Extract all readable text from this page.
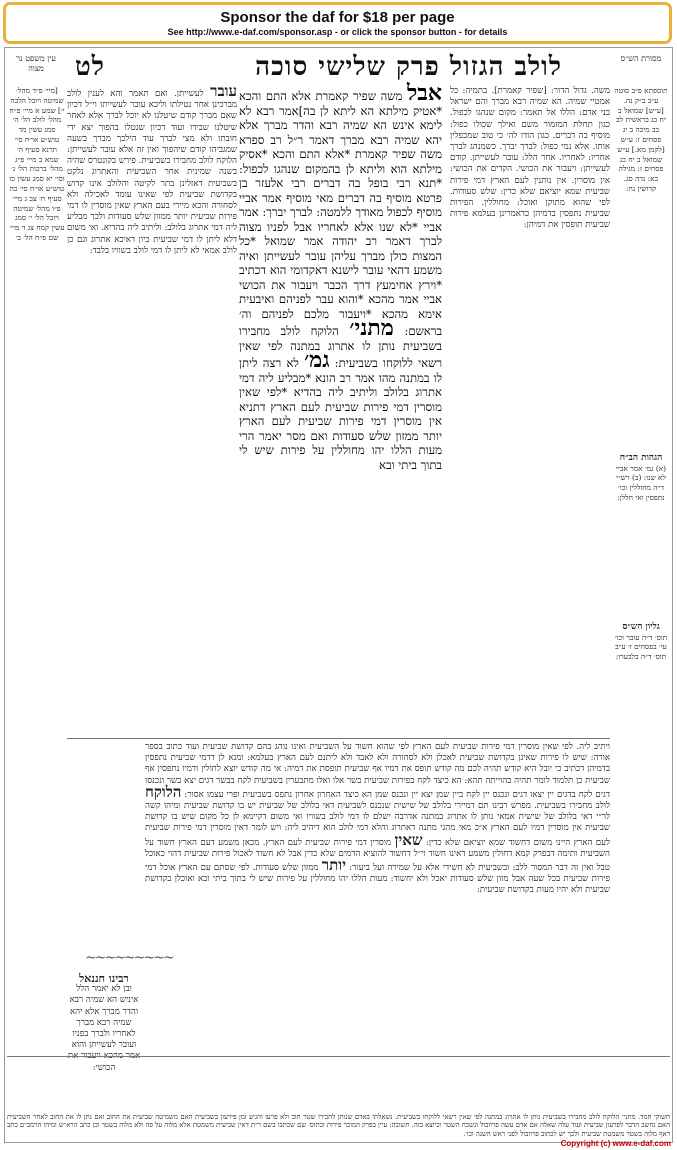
Sponsor the daf for $18 per page
See http://www.e-daf.com/sponsor.asp - or click the sponsor button - for details
לולב הגזול פרק שלישי סוכה
לט	מסורת הש״ס
עין משפט נר מצוה
תוספתא פ״ב סוטה ע״ב ב״ק נה. [ע״ש] שמואל ב יח כג בראשית לב כב מיכה ב יג פסחים ז: ע״ש [לקמן מא.] ע״ש שמואל ב יח כג פסחים ז: מגילה כא: נדה סג. קדושין נח:
הגהות הב״ח
(א) גמ׳ אמר אביי לא שנו: (ב) רש״י ד״ה מחוללין וכו׳ נתפסין ואי חללן:
גליון הש״ס
תוס׳ ד״ה עובר וכו׳ עי׳ בפסחים ז׳ ע״ב תוס׳ ד״ה בלבערו:
[מיי׳ פ״ד מהל׳ שמיטה ויובל הלכה י׳] שמע א מיי׳ פ״ח מהל׳ לולב הל׳ ה׳ סמג עשין מד טוש״ע או״ח סי׳ תרנא סעיף ה׳ שמא ב מיי׳ פ״ג מהל׳ ברכות הל׳ ג׳ וסי׳ יא סמג עשין כו טוש״ע או״ח סי׳ כה סעיף ח׳ צב ג מיי׳ פ״ו מהל׳ שמיטה ויובל הל׳ י׳ סמג עשין קמח צג ד מיי׳ שם פ״ח הל׳ ב׳
משה. גדול הדור: [שפיר קאמרת]. בתמיה: כל אמטיי שמיה. הא שמיה רבא מברך והם ישראל בני אדם: הללו אל תאמר: מקום שנהגו לכפול. כגון תחלת המזמור משם ואילך שכולו כפול: מוסיף בה דברים. כגון הודו לה׳ כי טוב שמכפלין אותו. אלא נמי כפול: לברך יברך. כשמנהג לברך אחריו: לאחריו. אחר הלל: עובר לעשייתן. קודם לעשייתן: ויעבור את הכושי. הקדים את הכושי: אין מוסרין. אין נותנין לעם הארץ דמי פירות שביעית שמא יוציאם שלא כדין: שלש סעודות. לפי שהוא מתוקן ואוכל: מחוללין. הפירות שביעית נתפסין בדמיהן כדאמרינן בעלמא פירות שביעית תופסין את דמיהן:
עובר לעשייתן. ואם תאמר והא לענין לולב מברכינן אחר נטילתו וליכא עובר לעשייתו וי״ל דכיון שאם מברך קודם שיטלנו לא יוכל לברך אלא לאחר שיטלנו שבידו ועוד דכיון שנטלו בהפוך יצא ידי חובתו ולא מצי לברך עוד הילכך מברך בשעה שמגביהו קודם שיהפוך ואין זה אלא עובר לעשייתן: הלוקח לולב מחבירו בשביעית. פירש בקונטרס שהיה בשנה שמינית אחר השביעית והאתרוג נלקט בשביעית דאזלינן בתר לקיטה והלולב אינו קדוש בקדושת שביעית לפי שאינו עומד לאכילה ולא לסחורה והכא מיירי בעם הארץ שאין מוסרין לו דמי פירות שביעית יותר ממזון שלש סעודות ולכך מבליע ליה דמי אתרוג בלולב: וליתיב ליה בהדיא. ואי משום דלא ליתן לו דמי שביעית כיון דאיכא אתרוג וגם כן לולב אמאי לא ליתן לו דמי לולב בשוויו בלבד:

אבל משה שפיר קאמרת אלא התם והכא *אטיק מילתא הא ליתא לן בה]אמר רבא לא לימא אינש הא שמיה רבא והדר מברך אלא יהא שמיה רבא מברך דאמר ר״ל רב ספרא משה שפיר קאמרת *אלא התם והכא *אסיק מילתא הוא וליתא לן בהמקום שנהגו לכפול: *תנא רבי בופל בה דברים רבי אלעזר בן פרטא מוסיף בה דברים מאי מוסיף אמר אביי מוסיף לכפול מאודך ללמטה: לברך יברך: אמר אביי *לא שנו אלא לאחריו אבל לפניו מצוה לברך דאמר רב יהודה אמר שמואל *כל המצות כולן מברך עליהן עובר לעשייתן ואיה משמע דהאי עובר לישנא דאקדומי הוא דכתיב *וירץ אחימעץ דרך הכבר ויעבור את הכושי אביי אמר מהכא *והוא עבר לפניהם ואיבעית אימא מהכא *ויעבור מלכם לפניהם וה׳ בראשם: מתני׳ הלוקח לולב מחבירו בשביעית נותן לו אתרוג במתנה לפי שאין רשאי ללוקחו בשביעית: גמ׳ לא רצה ליתן לו במתנה מהו אמר רב הונא *מבליע ליה דמי אתרוג בלולב וליתיב ליה בהדיא *לפי שאין מוסרין דמי פירות שביעית לעם הארץ דתניא אין מוסרין דמי פירות שביעית לעם הארץ יותר ממזון שלש סעודות ואם מסר יאמר הרי מעות הללו יהו מחוללין על פירות שיש לי בתוך ביתי ובא

ויתיב ליה. לפי שאין מוסרין דמי פירות שביעית לעם הארץ לפי שהוא חשוד על השביעית ואינו נוהג בהם קדושת שביעית ועוד כתוב בספר אורה: שיש לו פירות שאינן בקדושת שביעית לאכלן ולא לסחורה ולא לאבד ולא ליתנם לעם הארץ בעלמא: ומנא לן דדמי שביעית נתפסין בדמיהן דכתיב כי יובל היא קודש תהיה לכם מה קודש תופס את דמיו אף שביעית תופסת את דמיה: אי מה קודש יוצא לחולין ודמיו נתפסין אף שביעית כן תלמוד לומר תהיה בהוייתה תהא: הא כיצד לקח בפירות שביעית בשר אלו ואלו מתבערין בשביעית לקח בבשר דגים יצא בשר ונכנסו דגים לקח בדגים יין יצאו דגים ונכנס יין לקח ביין שמן יצא יין ונכנס שמן הא כיצד האחרון אחרון נתפס בשביעית ופרי עצמו אסור: הלוקח לולב מחבירו בשביעית. מפרש רבינו תם דמיירי בלולב של שישית שנכנס לשביעית דאי בלולב של שביעית יש בו קדושת שביעית ומיהו קשה לר״י דאי בלולב של שישית אמאי נותן לו אתרוג במתנה אדרבה ישלם לו דמי לולב בשוויו ואי משום דקיימא לן כל מקום שיש בו קדושת שביעית אין מוסרין דמיו לעם הארץ א״כ מאי מהני מתנה דאתרוג והלא דמי לולב הוא דיהיב ליה: ויש לומר דאין מוסרין דמי פירות שביעית לעם הארץ היינו משום דחשוד שמא יוציאם שלא כדין: שאין מוסרין דמי פירות שביעית לעם הארץ. מכאן משמע דעם הארץ חשוד על השביעית ותימה דבפרק קמא דחולין משמע דאינו חשוד וי״ל דחשוד להוציא הדמים שלא כדין אבל לא חשוד לאכול פירות שביעית דהוי כאוכל טבל ואין זה דבר המסור ללב: ובשביעית לא חשידי אלא על שמירה ועל ביעור: יותר ממזון שלש סעודות. לפי שסתם עם הארץ אוכל דמי פירות שביעית בכל שעה אבל מזון שלש סעודות יאכל ולא יחשוד: מעות הללו יהו מחוללין על פירות שיש לי בתוך ביתי ובא ואוכלן בקדושת שביעית ולא יהיו מעות בקדושת שביעית:
~~~~~~~~~
רבינו חננאל
ובן לא יאמר הלל איניש הא שמיה רבא והדר מברך אלא יהא שמיה רבא מברך לאחריו ולברך בפניו ועובר לעשייתן והוא הכושי:
חשוקי חמד. מתני׳ הלוקח לולב מחבירו בשביעית נותן לו אתרוג במתנה לפי שאין רשאי ללוקחו בשביעית. נשאלתי באדם שנותן לחבירו שטר חוב ולא פרעו והגיע זמן פירעון בשביעית האם משמיטה שביעית את החוב ואם נתן לו את החוב לאחר השביעית האם נחשב הדבר לפרעון שביעית ועוד עלה שאלה אם אדם עשה פרוזבול ונשכח השטר וכיוצא בזה. תשובה: עיין בפרק המוכר פירות ובתוס׳ שם שכתבו בשם ר״ת דאין שביעית משמטת אלא מלוה על פה ולא מלוה בשטר וכן כתב הרא״ש ומיהו הרמב״ם כתב דאף מלוה בשטר משמטת שביעית ולכך יש לכתוב פרוזבול לפני ראש השנה וכו׳.
Copyright (c) www.e-daf.com
